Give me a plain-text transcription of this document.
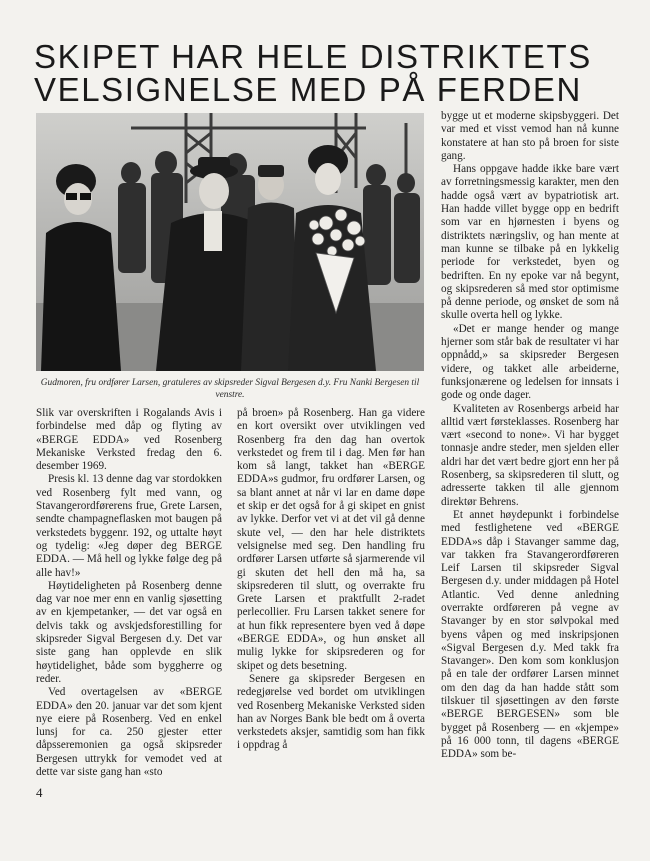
SKIPET HAR HELE DISTRIKTETS
VELSIGNELSE MED PÅ FERDEN
Gudmoren, fru ordfører Larsen, gratuleres av skipsreder Sigval Bergesen d.y. Fru Nanki Bergesen til venstre.

Slik var overskriften i Rogalands Avis i forbindelse med dåp og flyting av «BERGE EDDA» ved Rosenberg Mekaniske Verksted fredag den 6. desember 1969.

Presis kl. 13 denne dag var stordokken ved Rosenberg fylt med vann, og Stavangerordførerens frue, Grete Larsen, sendte champagneflasken mot baugen på verkstedets byggenr. 192, og uttalte høyt og tydelig: «Jeg døper deg BERGE EDDA. — Må hell og lykke følge deg på alle hav!»

Høytideligheten på Rosenberg denne dag var noe mer enn en vanlig sjøsetting av en kjempetanker, — det var også en delvis takk og avskjedsforestilling for skipsreder Sigval Bergesen d.y. Det var siste gang han opplevde en slik høytidelighet, både som byggherre og reder.

Ved overtagelsen av «BERGE EDDA» den 20. januar var det som kjent nye eiere på Rosenberg. Ved en enkel lunsj for ca. 250 gjester etter dåpsseremonien ga også skipsreder Bergesen uttrykk for vemodet ved at dette var siste gang han «sto

på broen» på Rosenberg. Han ga videre en kort oversikt over utviklingen ved Rosenberg fra den dag han overtok verkstedet og frem til i dag. Men før han kom så langt, takket han «BERGE EDDA»s gudmor, fru ordfører Larsen, og sa blant annet at når vi lar en dame døpe et skip er det også for å gi skipet en gnist av lykke. Derfor vet vi at det vil gå denne skute vel, — den har hele distriktets velsignelse med seg. Den handling fru ordfører Larsen utførte så sjarmerende vil gi skuten det hell den må ha, sa skipsrederen til slutt, og overrakte fru Grete Larsen et praktfullt 2-radet perlecollier. Fru Larsen takket senere for at hun fikk representere byen ved å døpe «BERGE EDDA», og hun ønsket all mulig lykke for skipsrederen og for skipet og dets besetning.

Senere ga skipsreder Bergesen en redegjørelse ved bordet om utviklingen ved Rosenberg Mekaniske Verksted siden han av Norges Bank ble bedt om å overta verkstedets aksjer, samtidig som han fikk i oppdrag å

bygge ut et moderne skipsbyggeri. Det var med et visst vemod han nå kunne konstatere at han sto på broen for siste gang.

Hans oppgave hadde ikke bare vært av forretningsmessig karakter, men den hadde også vært av bypatriotisk art. Han hadde villet bygge opp en bedrift som var en hjørnesten i byens og distriktets næringsliv, og han mente at man kunne se tilbake på en lykkelig periode for verkstedet, byen og bedriften. En ny epoke var nå begynt, og skipsrederen så med stor optimisme på denne periode, og ønsket de som nå skulle overta hell og lykke.

«Det er mange hender og mange hjerner som står bak de resultater vi har oppnådd,» sa skipsreder Bergesen videre, og takket alle arbeiderne, funksjonærene og ledelsen for innsats i gode og onde dager.

Kvaliteten av Rosenbergs arbeid har alltid vært førsteklasses. Rosenberg har vært «second to none». Vi har bygget tonnasje andre steder, men sjelden eller aldri har det vært bedre gjort enn her på Rosenberg, sa skipsrederen til slutt, og adresserte takken til alle gjennom direktør Behrens.

Et annet høydepunkt i forbindelse med festlighetene ved «BERGE EDDA»s dåp i Stavanger samme dag, var takken fra Stavangerordføreren Leif Larsen til skipsreder Sigval Bergesen d.y. under middagen på Hotel Atlantic. Ved denne anledning overrakte ordføreren på vegne av Stavanger by en stor sølvpokal med byens våpen og med inskripsjonen «Sigval Bergesen d.y. Med takk fra Stavanger». Den kom som konklusjon på en tale der ordfører Larsen minnet om den dag da han hadde stått som tilskuer til sjøsettingen av den første «BERGE BERGESEN» som ble bygget på Rosenberg — en «kjempe» på 16 000 tonn, til dagens «BERGE EDDA» som be-

4
